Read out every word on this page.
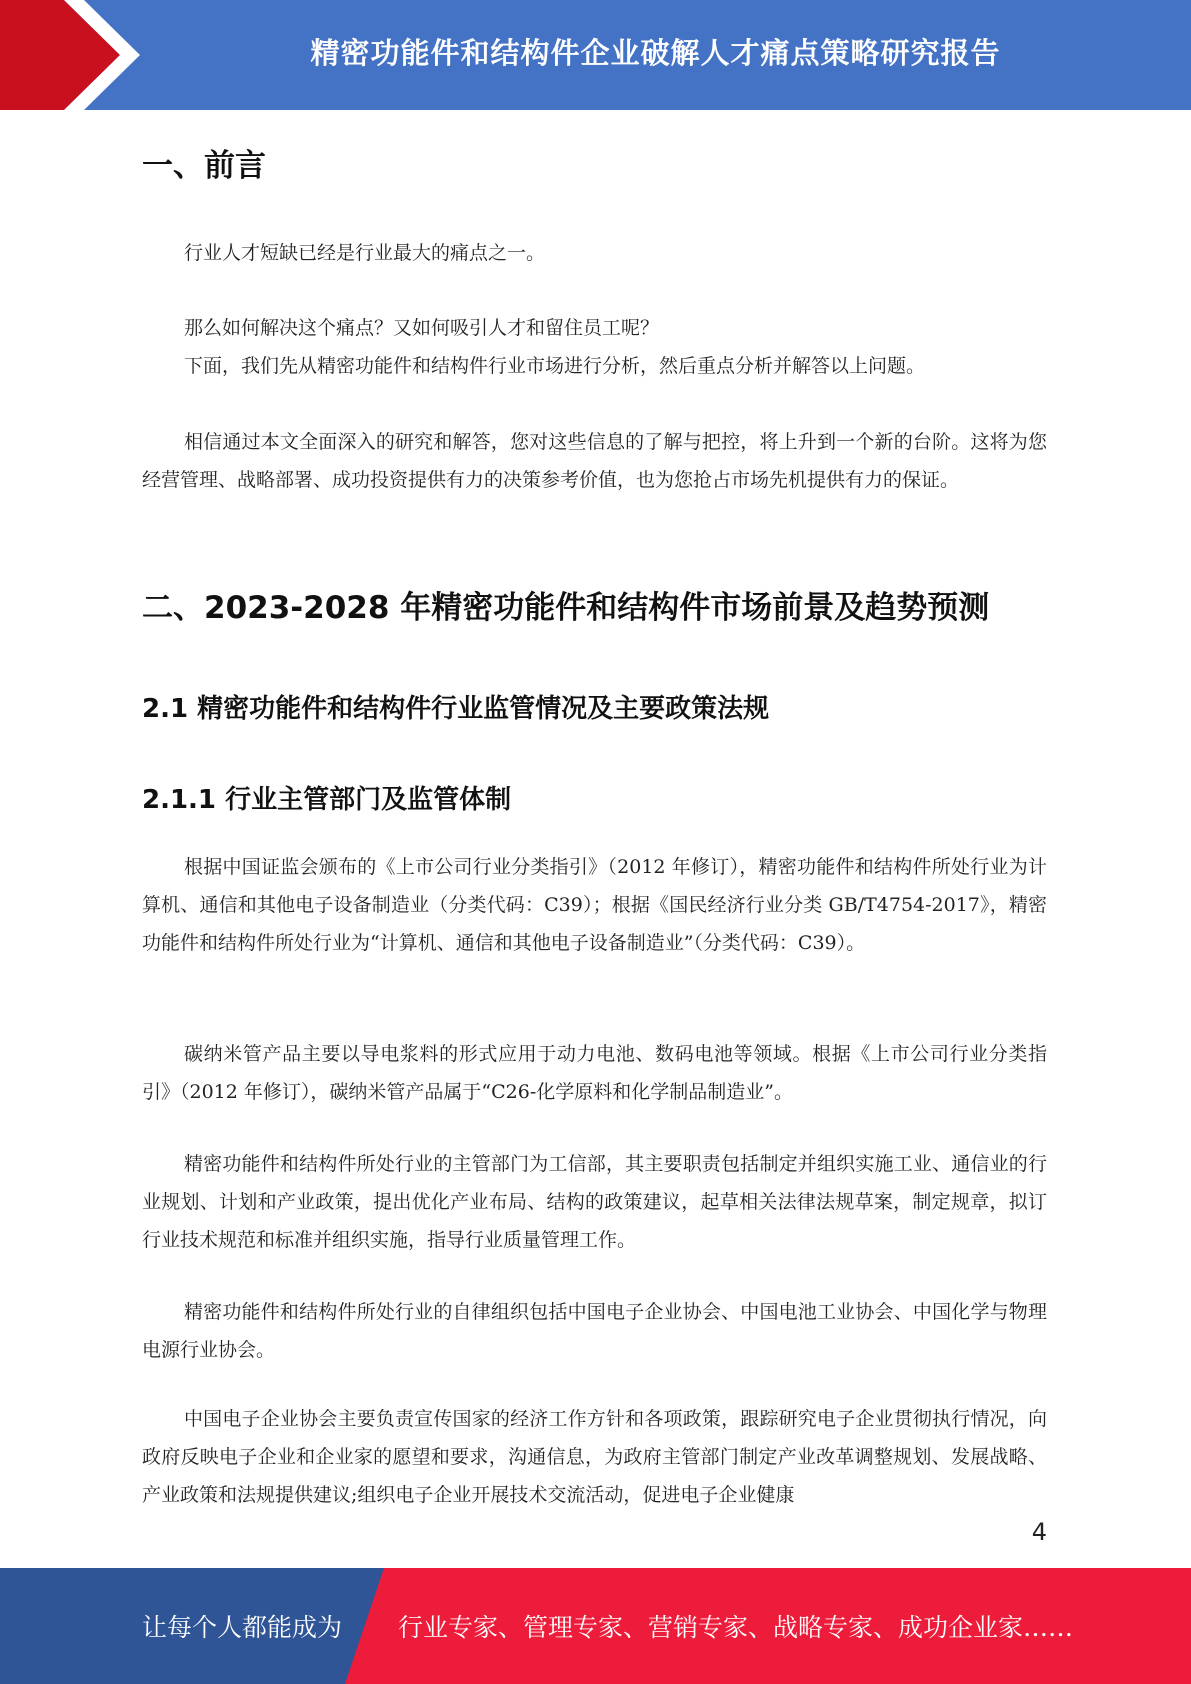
精密功能件和结构件企业破解人才痛点策略研究报告
一、前言

行业人才短缺已经是行业最大的痛点之一。

那么如何解决这个痛点？又如何吸引人才和留住员工呢？

下面，我们先从精密功能件和结构件行业市场进行分析，然后重点分析并解答以上问题。

相信通过本文全面深入的研究和解答，您对这些信息的了解与把控，将上升到一个新的台阶。这将为您经营管理、战略部署、成功投资提供有力的决策参考价值，也为您抢占市场先机提供有力的保证。

二、2023-2028 年精密功能件和结构件市场前景及趋势预测
2.1 精密功能件和结构件行业监管情况及主要政策法规
2.1.1 行业主管部门及监管体制

根据中国证监会颁布的《上市公司行业分类指引》（2012 年修订），精密功能件和结构件所处行业为计算机、通信和其他电子设备制造业（分类代码：C39）；根据《国民经济行业分类 GB/T4754-2017》，精密功能件和结构件所处行业为“计算机、通信和其他电子设备制造业”（分类代码：C39）。

碳纳米管产品主要以导电浆料的形式应用于动力电池、数码电池等领域。根据《上市公司行业分类指引》（2012 年修订），碳纳米管产品属于“C26-化学原料和化学制品制造业”。

精密功能件和结构件所处行业的主管部门为工信部，其主要职责包括制定并组织实施工业、通信业的行业规划、计划和产业政策，提出优化产业布局、结构的政策建议，起草相关法律法规草案，制定规章，拟订行业技术规范和标准并组织实施，指导行业质量管理工作。

精密功能件和结构件所处行业的自律组织包括中国电子企业协会、中国电池工业协会、中国化学与物理电源行业协会。

中国电子企业协会主要负责宣传国家的经济工作方针和各项政策，跟踪研究电子企业贯彻执行情况，向政府反映电子企业和企业家的愿望和要求，沟通信息，为政府主管部门制定产业改革调整规划、发展战略、产业政策和法规提供建议;组织电子企业开展技术交流活动，促进电子企业健康

4
让每个人都能成为 行业专家、管理专家、营销专家、战略专家、成功企业家……
